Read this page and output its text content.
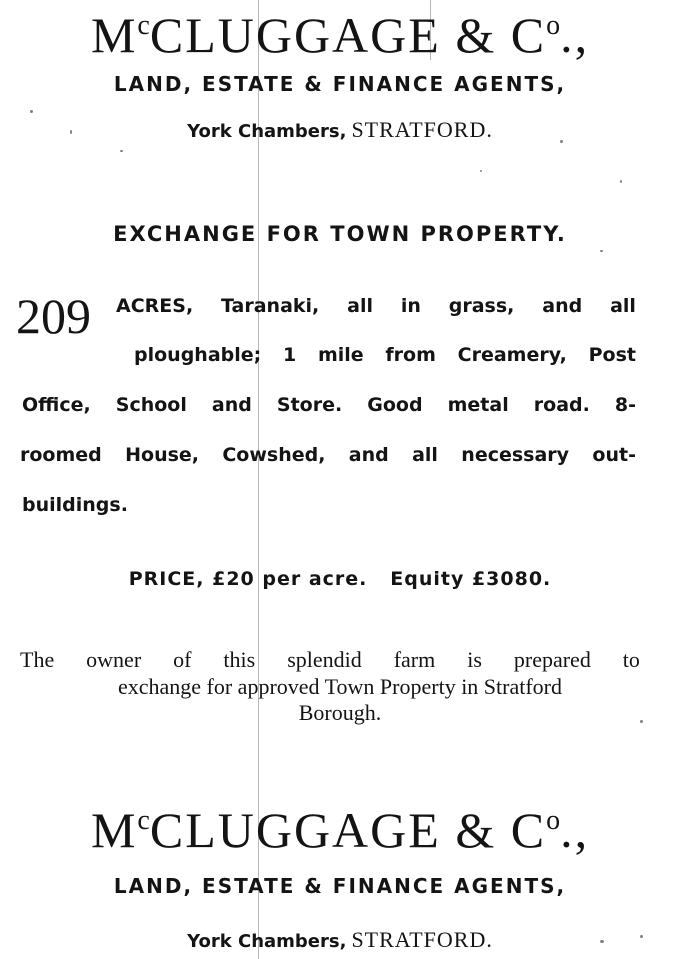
$M^cCLUGGAGE$ & $C^o$.,
LAND, ESTATE & FINANCE AGENTS,
York Chambers, STRATFORD.
EXCHANGE FOR TOWN PROPERTY.
209 ACRES, Taranaki, all in grass, and all
ploughable; 1 mile from Creamery, Post
Office, School and Store. Good metal road. 8-
roomed House, Cowshed, and all necessary out-
buildings.
PRICE, £20 per acre.   Equity £3080.
The owner of this splendid farm is prepared to
exchange for approved Town Property in Stratford
Borough.
$M^cCLUGGAGE$ & $C^o$.,
LAND, ESTATE & FINANCE AGENTS,
York Chambers, STRATFORD.
